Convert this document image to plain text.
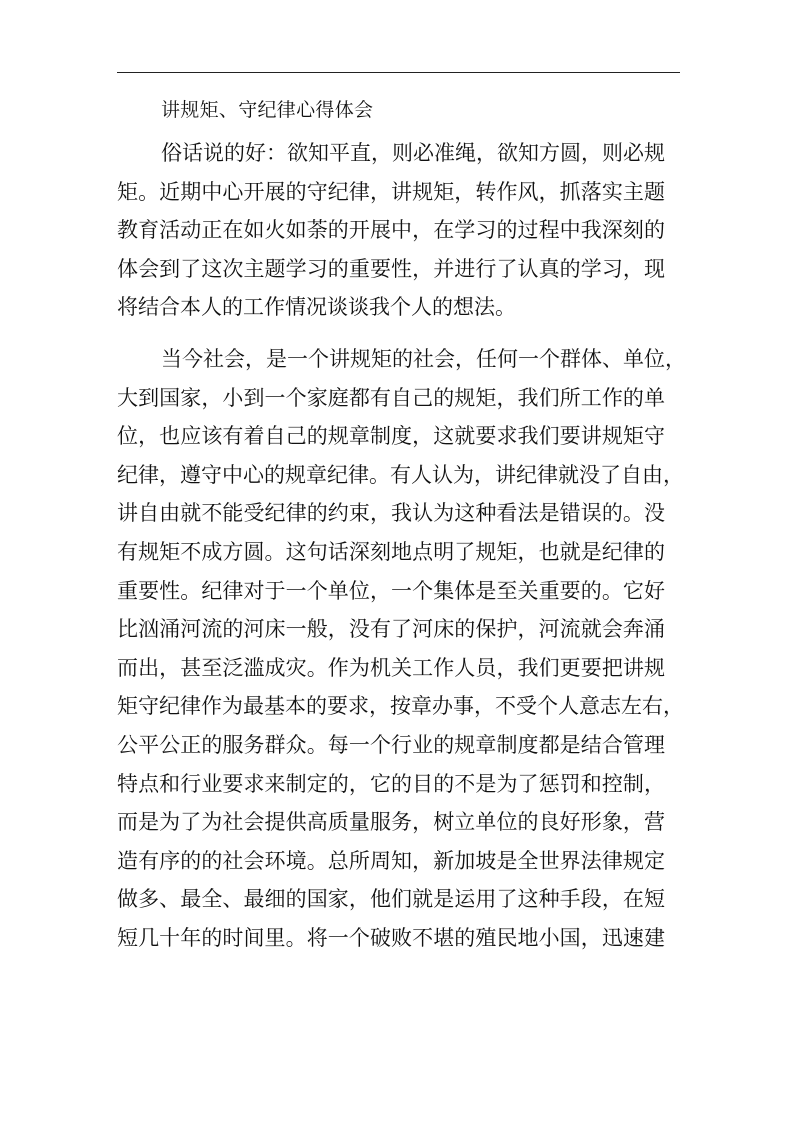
讲规矩、守纪律心得体会

俗话说的好：欲知平直，则必准绳，欲知方圆，则必规
矩。近期中心开展的守纪律，讲规矩，转作风，抓落实主题
教育活动正在如火如荼的开展中，在学习的过程中我深刻的
体会到了这次主题学习的重要性，并进行了认真的学习，现
将结合本人的工作情况谈谈我个人的想法。

当今社会，是一个讲规矩的社会，任何一个群体、单位，
大到国家，小到一个家庭都有自己的规矩，我们所工作的单
位，也应该有着自己的规章制度，这就要求我们要讲规矩守
纪律，遵守中心的规章纪律。有人认为，讲纪律就没了自由，
讲自由就不能受纪律的约束，我认为这种看法是错误的。没
有规矩不成方圆。这句话深刻地点明了规矩，也就是纪律的
重要性。纪律对于一个单位，一个集体是至关重要的。它好
比汹涌河流的河床一般，没有了河床的保护，河流就会奔涌
而出，甚至泛滥成灾。作为机关工作人员，我们更要把讲规
矩守纪律作为最基本的要求，按章办事，不受个人意志左右，
公平公正的服务群众。每一个行业的规章制度都是结合管理
特点和行业要求来制定的，它的目的不是为了惩罚和控制，
而是为了为社会提供高质量服务，树立单位的良好形象，营
造有序的的社会环境。总所周知，新加坡是全世界法律规定
做多、最全、最细的国家，他们就是运用了这种手段，在短
短几十年的时间里。将一个破败不堪的殖民地小国，迅速建
